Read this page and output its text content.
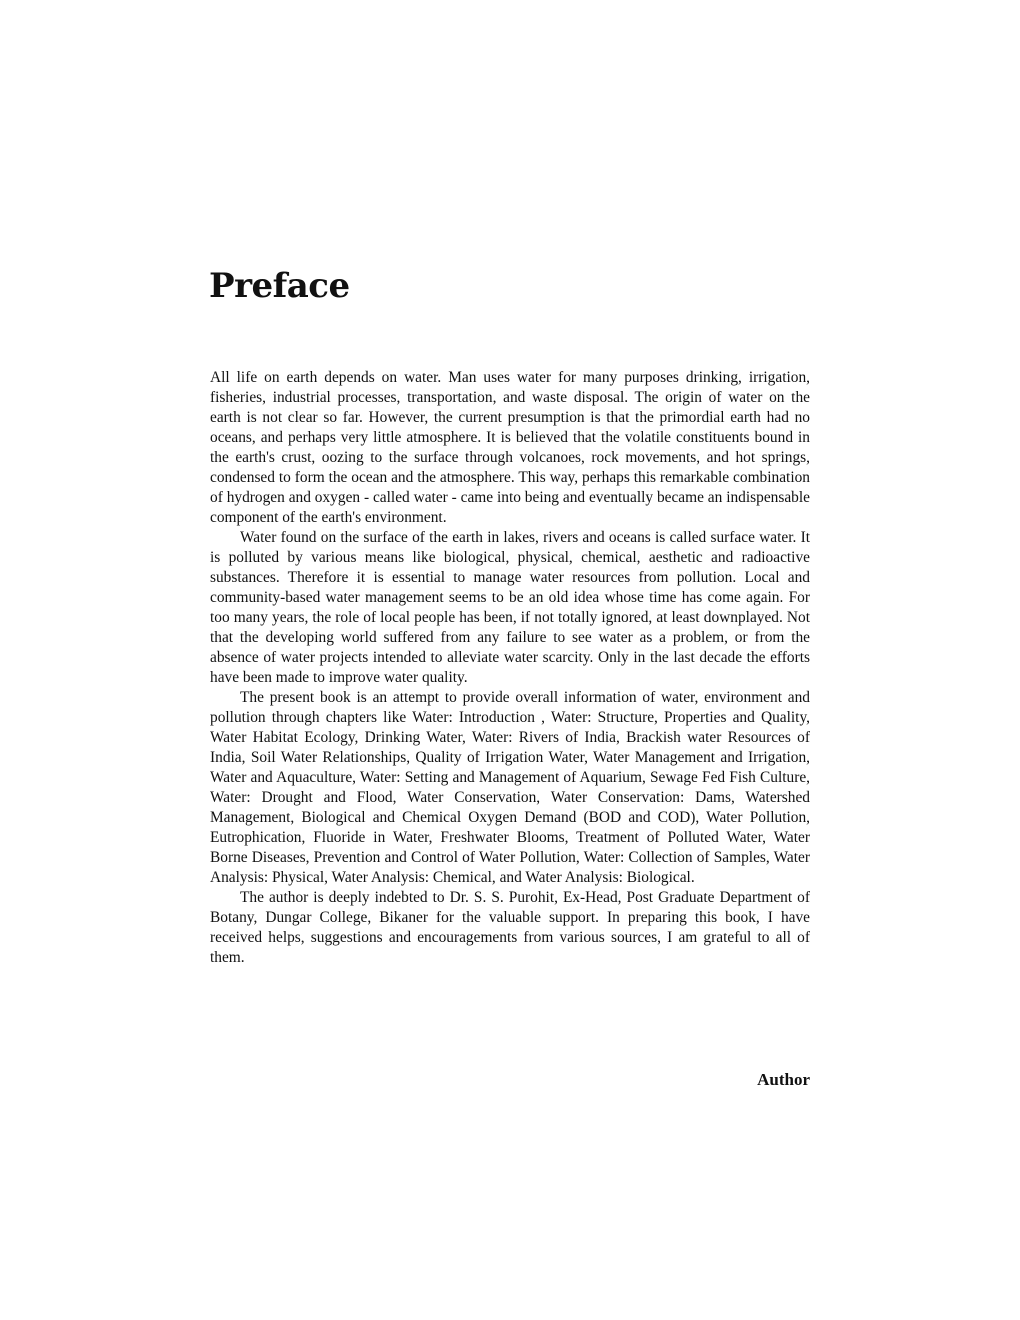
Preface

All life on earth depends on water. Man uses water for many purposes drinking, irrigation, fisheries, industrial processes, transportation, and waste disposal. The origin of water on the earth is not clear so far. However, the current presumption is that the primordial earth had no oceans, and perhaps very little atmosphere. It is believed that the volatile constituents bound in the earth's crust, oozing to the surface through volcanoes, rock movements, and hot springs, condensed to form the ocean and the atmosphere. This way, perhaps this remarkable combination of hydrogen and oxygen - called water - came into being and eventually became an indispensable component of the earth's environment.

Water found on the surface of the earth in lakes, rivers and oceans is called surface water. It is polluted by various means like biological, physical, chemical, aesthetic and radioactive substances. Therefore it is essential to manage water resources from pollution. Local and community-based water management seems to be an old idea whose time has come again. For too many years, the role of local people has been, if not totally ignored, at least downplayed. Not that the developing world suffered from any failure to see water as a problem, or from the absence of water projects intended to alleviate water scarcity. Only in the last decade the efforts have been made to improve water quality.

The present book is an attempt to provide overall information of water, environment and pollution through chapters like Water: Introduction , Water: Structure, Properties and Quality, Water Habitat Ecology, Drinking Water, Water: Rivers of India, Brackish water Resources of India, Soil Water Relationships, Quality of Irrigation Water, Water Management and Irrigation, Water and Aquaculture, Water: Setting and Management of Aquarium, Sewage Fed Fish Culture, Water: Drought and Flood, Water Conservation, Water Conservation: Dams, Watershed Management, Biological and Chemical Oxygen Demand (BOD and COD), Water Pollution, Eutrophication, Fluoride in Water, Freshwater Blooms, Treatment of Polluted Water, Water Borne Diseases, Prevention and Control of Water Pollution, Water: Collection of Samples, Water Analysis: Physical, Water Analysis: Chemical, and Water Analysis: Biological.

The author is deeply indebted to Dr. S. S. Purohit, Ex-Head, Post Graduate Department of Botany, Dungar College, Bikaner for the valuable support. In preparing this book, I have received helps, suggestions and encouragements from various sources, I am grateful to all of them.

Author
